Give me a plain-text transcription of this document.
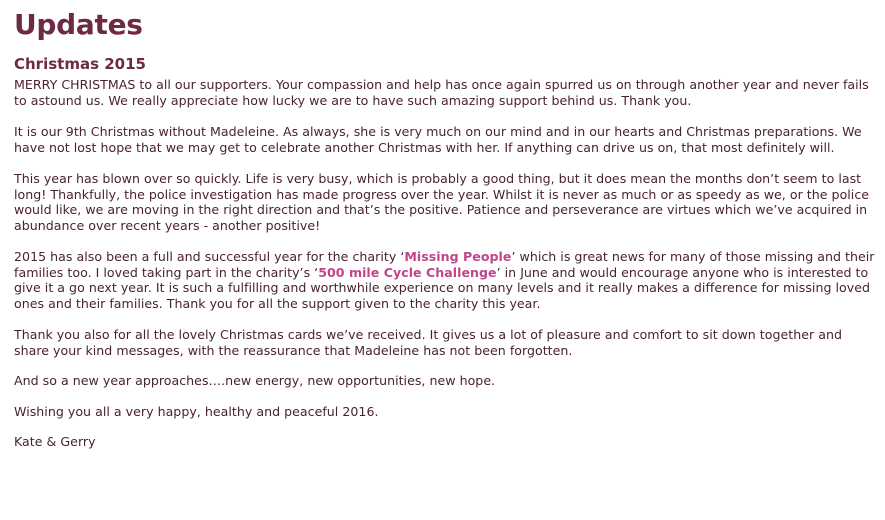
Updates
Christmas 2015

MERRY CHRISTMAS to all our supporters. Your compassion and help has once again spurred us on through another year and never fails to astound us. We really appreciate how lucky we are to have such amazing support behind us. Thank you.

It is our 9th Christmas without Madeleine. As always, she is very much on our mind and in our hearts and Christmas preparations. We have not lost hope that we may get to celebrate another Christmas with her. If anything can drive us on, that most definitely will.

This year has blown over so quickly. Life is very busy, which is probably a good thing, but it does mean the months don’t seem to last long! Thankfully, the police investigation has made progress over the year. Whilst it is never as much or as speedy as we, or the police would like, we are moving in the right direction and that’s the positive. Patience and perseverance are virtues which we’ve acquired in abundance over recent years - another positive!

2015 has also been a full and successful year for the charity ‘Missing People’ which is great news for many of those missing and their families too. I loved taking part in the charity’s ‘500 mile Cycle Challenge’ in June and would encourage anyone who is interested to give it a go next year. It is such a fulfilling and worthwhile experience on many levels and it really makes a difference for missing loved ones and their families. Thank you for all the support given to the charity this year.

Thank you also for all the lovely Christmas cards we’ve received. It gives us a lot of pleasure and comfort to sit down together and share your kind messages, with the reassurance that Madeleine has not been forgotten.

And so a new year approaches….new energy, new opportunities, new hope.

Wishing you all a very happy, healthy and peaceful 2016.

Kate & Gerry
